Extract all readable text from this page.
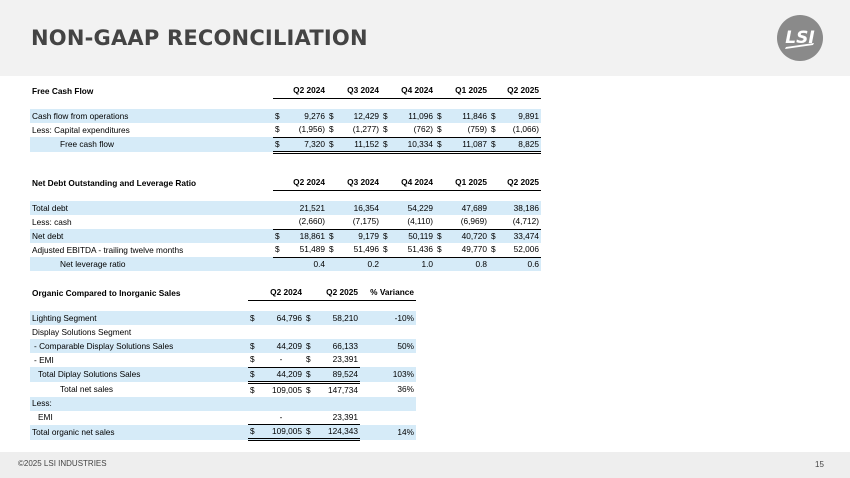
NON-GAAP RECONCILIATION	LSI
Free Cash Flow	Q2 2024		Q3 2024		Q4 2024		Q1 2025		Q2 2025	

Cash flow from operations	$	9,276	$	12,429	$	11,096	$	11,846	$	9,891
Less: Capital expenditures	$	(1,956)	$	(1,277)	$	(762)	$	(759)	$	(1,066)
Free cash flow	$	7,320	$	11,152	$	10,334	$	11,087	$	8,825
Net Debt Outstanding and Leverage Ratio	Q2 2024		Q3 2024		Q4 2024		Q1 2025		Q2 2025	

Total debt		21,521		16,354		54,229		47,689		38,186
Less: cash		(2,660)		(7,175)		(4,110)		(6,969)		(4,712)
Net debt	$	18,861	$	9,179	$	50,119	$	40,720	$	33,474
Adjusted EBITDA - trailing twelve months	$	51,489	$	51,496	$	51,436	$	49,770	$	52,006
Net leverage ratio		0.4		0.2		1.0		0.8		0.6
Organic Compared to Inorganic Sales	Q2 2024		Q2 2025		% Variance

Lighting Segment	$	64,796	$	58,210	-10%
Display Solutions Segment					
- Comparable Display Solutions Sales	$	44,209	$	66,133	50%
- EMI	$	-	$	23,391	
Total Diplay Solutions Sales	$	44,209	$	89,524	103%
Total net sales	$	109,005	$	147,734	36%
Less:					
EMI		-		23,391	
Total organic net sales	$	109,005	$	124,343	14%
©2025 LSI INDUSTRIES	15
